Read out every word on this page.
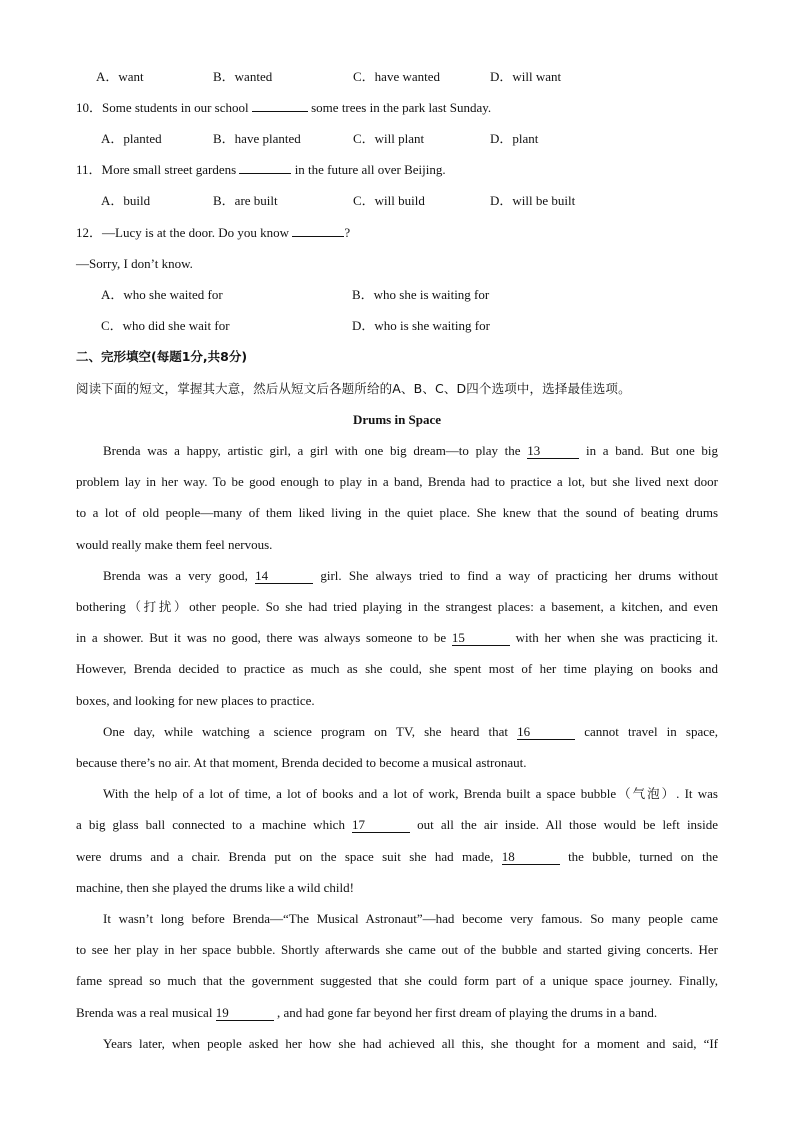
A．want	B．wanted	C．have wanted	D．will want
10．Some students in our school	some trees in the park last Sunday.
A．planted	B．have planted	C．will plant	D．plant
11．More small street gardens	in the future all over Beijing.
A．build	B．are built	C．will build	D．will be built
12．—Lucy is at the door. Do you know	?
—Sorry, I don’t know.
A．who she waited for	B．who she is waiting for
C．who did she wait for	D．who is she waiting for
二、完形填空(每题1分,共8分)
阅读下面的短文，掌握其大意，然后从短文后各题所给的A、B、C、D四个选项中，选择最佳选项。
Drums in Space
Brenda was a happy, artistic girl, a girl with one big dream—to play the 13	in a band. But one big
problem lay in her way. To be good enough to play in a band, Brenda had to practice a lot, but she lived next door
to a lot of old people—many of them liked living in the quiet place. She knew that the sound of beating drums
would really make them feel nervous.
Brenda was a very good, 14	girl. She always tried to find a way of practicing her drums without
bothering（打扰）other people. So she had tried playing in the strangest places: a basement, a kitchen, and even
in a shower. But it was no good, there was always someone to be 15	with her when she was practicing it.
However, Brenda decided to practice as much as she could, she spent most of her time playing on books and
boxes, and looking for new places to practice.
One day, while watching a science program on TV, she heard that 16	cannot travel in space,
because there’s no air. At that moment, Brenda decided to become a musical astronaut.
With the help of a lot of time, a lot of books and a lot of work, Brenda built a space bubble（气泡）. It was
a big glass ball connected to a machine which 17	out all the air inside. All those would be left inside
were drums and a chair. Brenda put on the space suit she had made, 18	the bubble, turned on the
machine, then she played the drums like a wild child!
It wasn’t long before Brenda—“The Musical Astronaut”—had become very famous. So many people came
to see her play in her space bubble. Shortly afterwards she came out of the bubble and started giving concerts. Her
fame spread so much that the government suggested that she could form part of a unique space journey. Finally,
Brenda was a real musical 19	, and had gone far beyond her first dream of playing the drums in a band.
Years later, when people asked her how she had achieved all this, she thought for a moment and said, “If
